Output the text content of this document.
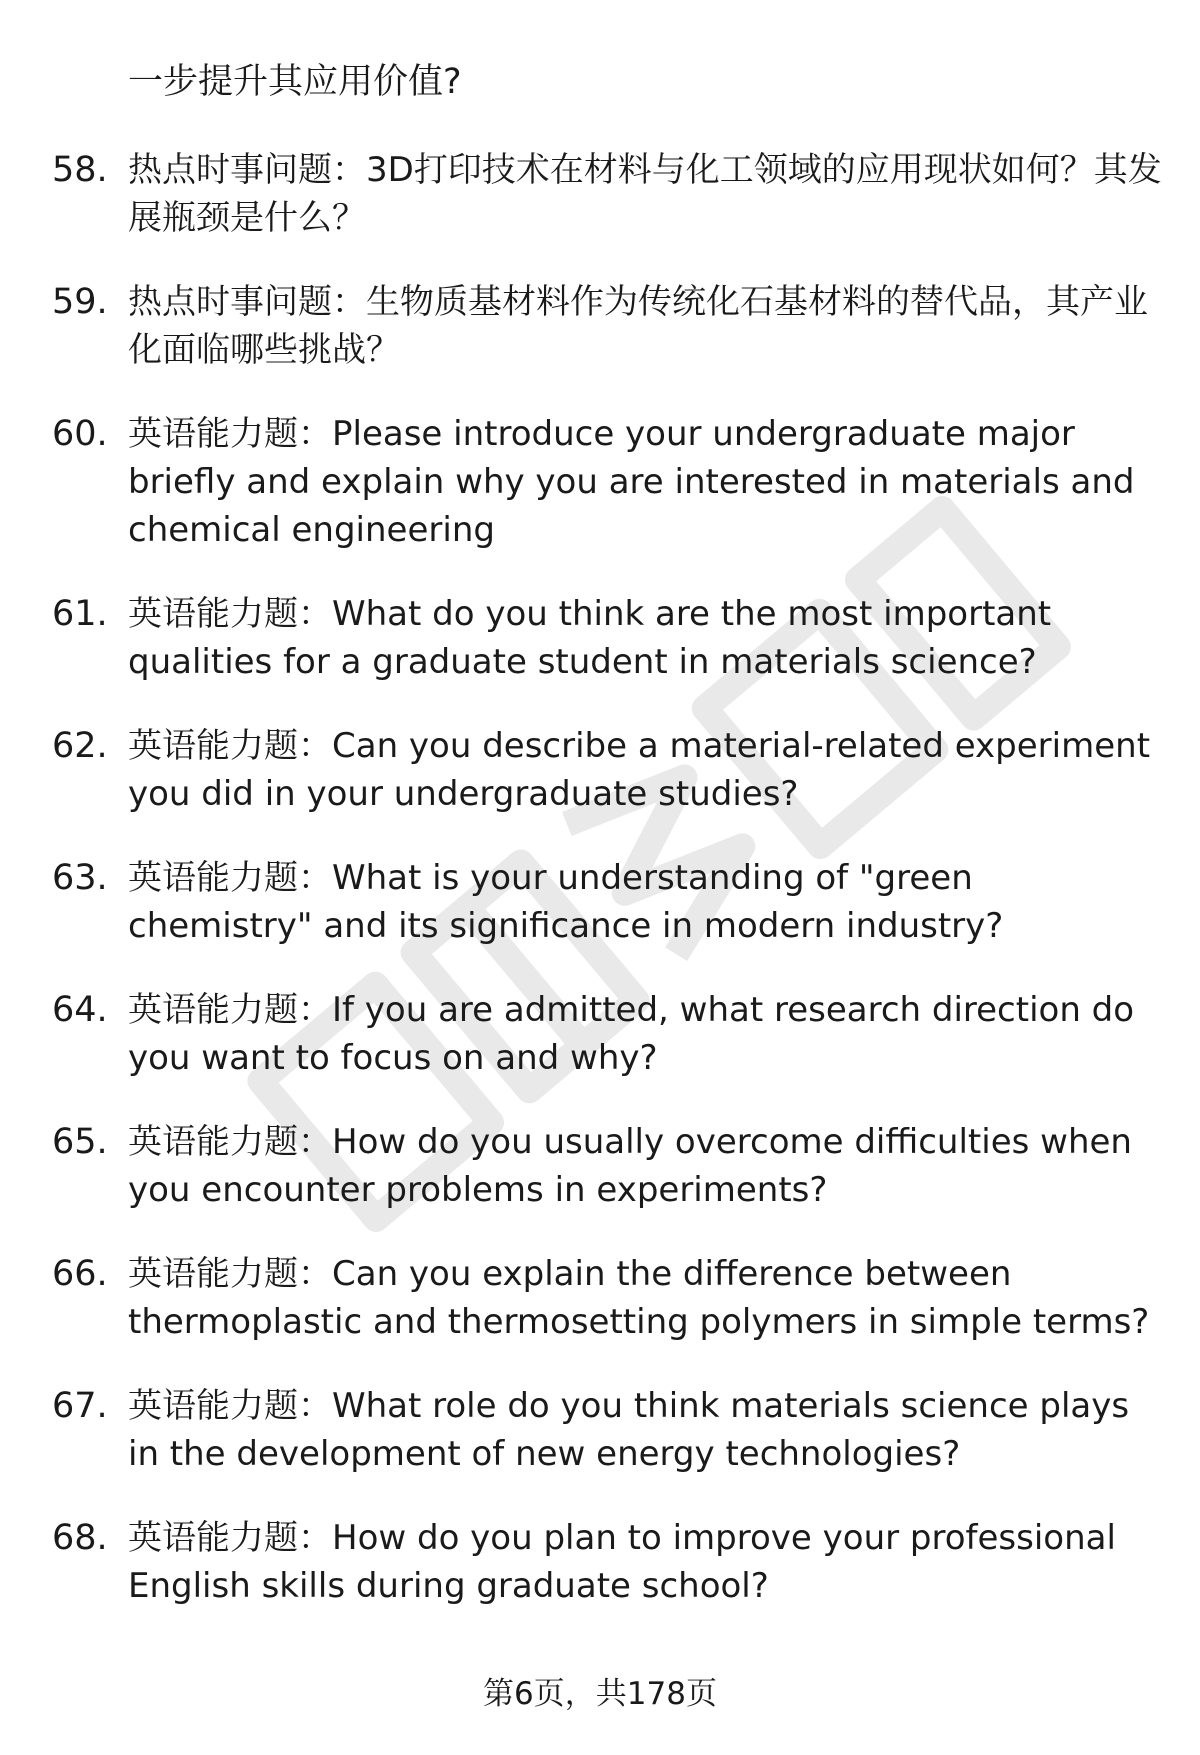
一步提升其应用价值?
58. 热点时事问题：3D打印技术在材料与化工领域的应用现状如何？其发展瓶颈是什么？
59. 热点时事问题：生物质基材料作为传统化石基材料的替代品，其产业化面临哪些挑战？
60. 英语能力题：Please introduce your undergraduate major briefly and explain why you are interested in materials and chemical engineering
61. 英语能力题：What do you think are the most important qualities for a graduate student in materials science?
62. 英语能力题：Can you describe a material-related experiment you did in your undergraduate studies?
63. 英语能力题：What is your understanding of "green chemistry" and its significance in modern industry?
64. 英语能力题：If you are admitted, what research direction do you want to focus on and why?
65. 英语能力题：How do you usually overcome difficulties when you encounter problems in experiments?
66. 英语能力题：Can you explain the difference between thermoplastic and thermosetting polymers in simple terms?
67. 英语能力题：What role do you think materials science plays in the development of new energy technologies?
68. 英语能力题：How do you plan to improve your professional English skills during graduate school?
第6页，共178页
